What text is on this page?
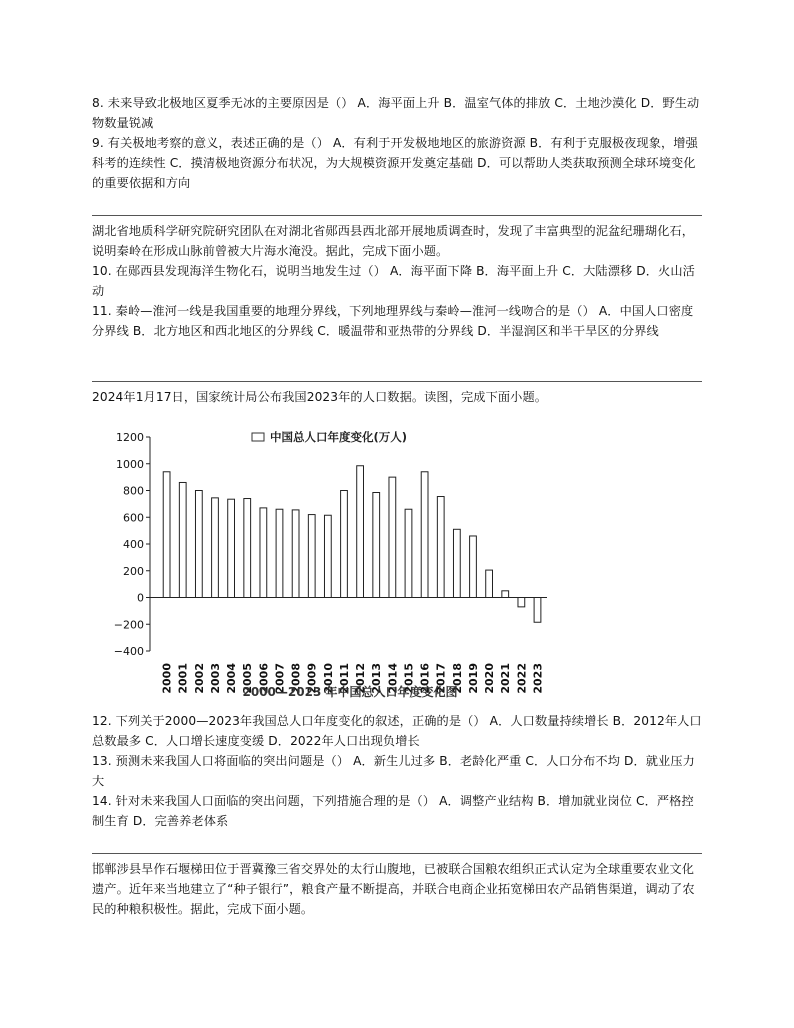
8. 未来导致北极地区夏季无冰的主要原因是（） A．海平面上升 B．温室气体的排放 C．土地沙漠化 D．野生动物数量锐减

9. 有关极地考察的意义，表述正确的是（） A．有利于开发极地地区的旅游资源 B．有利于克服极夜现象，增强科考的连续性 C．摸清极地资源分布状况，为大规模资源开发奠定基础 D．可以帮助人类获取预测全球环境变化的重要依据和方向

湖北省地质科学研究院研究团队在对湖北省郧西县西北部开展地质调查时，发现了丰富典型的泥盆纪珊瑚化石，说明秦岭在形成山脉前曾被大片海水淹没。据此，完成下面小题。

10. 在郧西县发现海洋生物化石，说明当地发生过（） A．海平面下降 B．海平面上升 C．大陆漂移 D．火山活动

11. 秦岭—淮河一线是我国重要的地理分界线，下列地理界线与秦岭—淮河一线吻合的是（） A．中国人口密度分界线 B．北方地区和西北地区的分界线 C．暖温带和亚热带的分界线 D．半湿润区和半干旱区的分界线

2024年1月17日，国家统计局公布我国2023年的人口数据。读图，完成下面小题。

1200
1000
800
600
400
200
0
−200
−400
2000 2001 2002 2003 2004 2005 2006 2007 2008 2009 2010 2011 2012 2013 2014 2015 2016 2017 2018 2019 2020 2021 2022 2023
中国总人口年度变化(万人)
2000—2023 年中国总人口年度变化图

12. 下列关于2000—2023年我国总人口年度变化的叙述，正确的是（） A．人口数量持续增长 B．2012年人口总数最多 C．人口增长速度变缓 D．2022年人口出现负增长

13. 预测未来我国人口将面临的突出问题是（） A．新生儿过多 B．老龄化严重 C．人口分布不均 D．就业压力大

14. 针对未来我国人口面临的突出问题，下列措施合理的是（） A．调整产业结构 B．增加就业岗位 C．严格控制生育 D．完善养老体系

邯郸涉县旱作石堰梯田位于晋冀豫三省交界处的太行山腹地，已被联合国粮农组织正式认定为全球重要农业文化遗产。近年来当地建立了“种子银行”，粮食产量不断提高，并联合电商企业拓宽梯田农产品销售渠道，调动了农民的种粮积极性。据此，完成下面小题。
